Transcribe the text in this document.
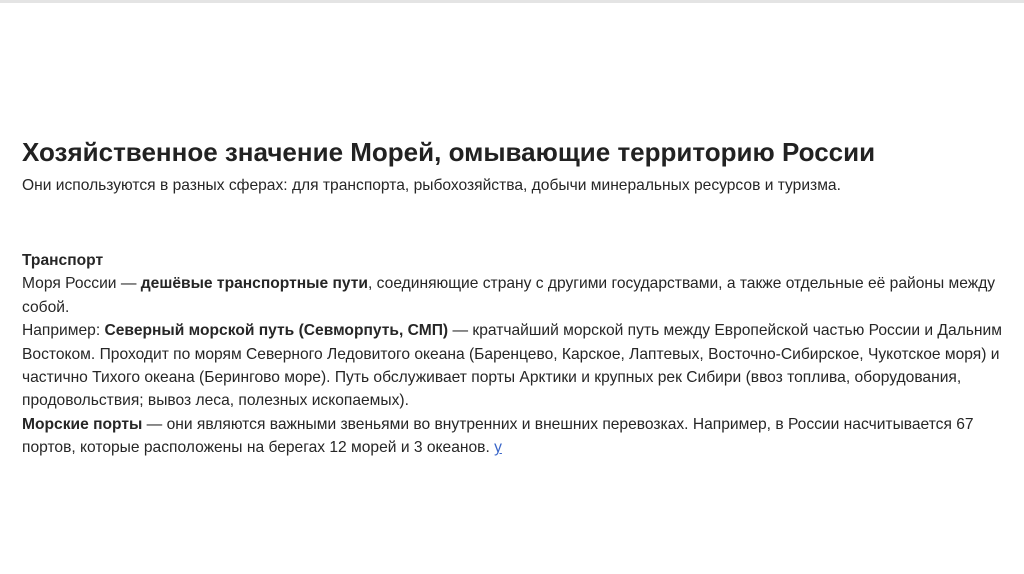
Хозяйственное значение Морей, омывающие территорию России

Они используются в разных сферах: для транспорта, рыбохозяйства, добычи минеральных ресурсов и туризма.

Транспорт

Моря России — дешёвые транспортные пути, соединяющие страну с другими государствами, а также отдельные её районы между собой.

Например: Северный морской путь (Севморпуть, СМП) — кратчайший морской путь между Европейской частью России и Дальним Востоком. Проходит по морям Северного Ледовитого океана (Баренцево, Карское, Лаптевых, Восточно-Сибирское, Чукотское моря) и частично Тихого океана (Берингово море). Путь обслуживает порты Арктики и крупных рек Сибири (ввоз топлива, оборудования, продовольствия; вывоз леса, полезных ископаемых).

Морские порты — они являются важными звеньями во внутренних и внешних перевозках. Например, в России насчитывается 67 портов, которые расположены на берегах 12 морей и 3 океанов. у
